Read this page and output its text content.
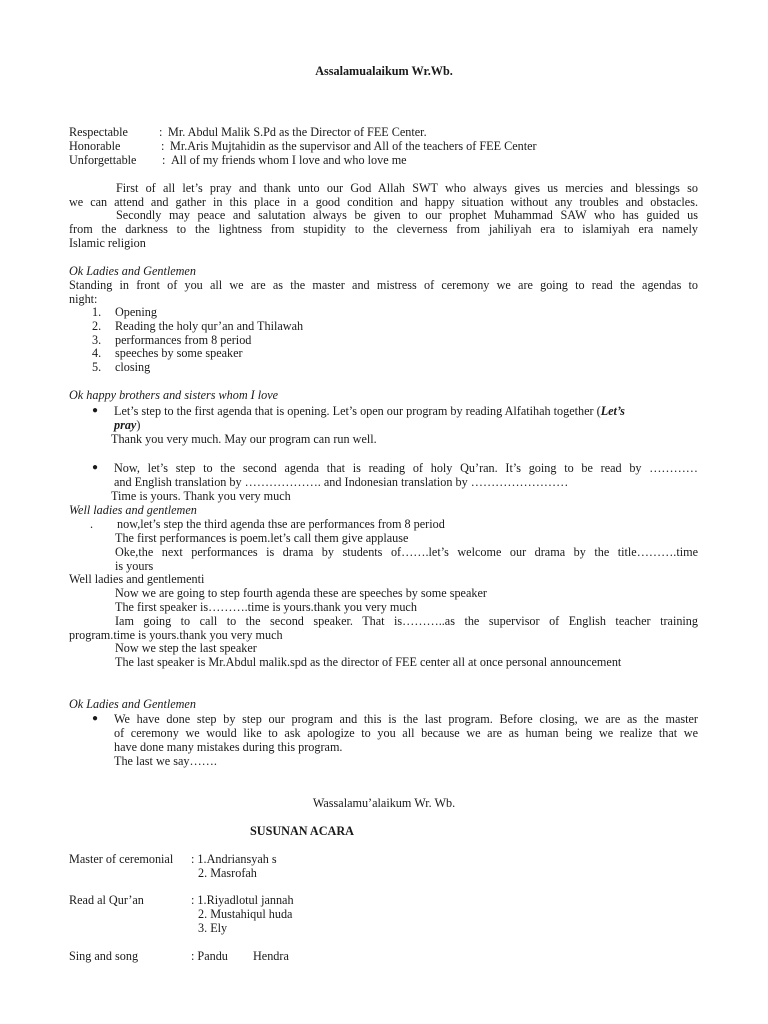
Assalamualaikum Wr.Wb.
Respectable	: Mr. Abdul Malik S.Pd as the Director of FEE Center.
Honorable	: Mr.Aris Mujtahidin as the supervisor and All of the teachers of FEE Center
Unforgettable : All of my friends whom I love and who love me
First of all let’s pray and thank unto our God Allah SWT who always gives us mercies and blessings so
we can attend and gather in this place in a good condition and happy situation without any troubles and obstacles.
Secondly may peace and salutation always be given to our prophet Muhammad SAW who has guided us
from the darkness to the lightness from stupidity to the cleverness from jahiliyah era to islamiyah era namely
Islamic religion
Ok Ladies and Gentlemen
Standing in front of you all we are as the master and mistress of ceremony we are going to read the agendas to
night:
1. Opening
2. Reading the holy qur’an and Thilawah
3. performances from 8 period
4. speeches by some speaker
5. closing
Ok happy brothers and sisters whom I love
● Let’s step to the first agenda that is opening. Let’s open our program by reading Alfatihah together (Let’s
pray)
Thank you very much. May our program can run well.
● Now, let’s step to the second agenda that is reading of holy Qu’ran. It’s going to be read by …………
and English translation by ………………. and Indonesian translation by ……………………
Time is yours. Thank you very much
Well ladies and gentlemen
. now,let’s step the third agenda thse are performances from 8 period
The first performances is poem.let’s call them give applause
Oke,the next performances is drama by students of…….let’s welcome our drama by the title……….time
is yours
Well ladies and gentlementi
Now we are going to step fourth agenda these are speeches by some speaker
The first speaker is……….time is yours.thank you very much
Iam going to call to the second speaker. That is………..as the supervisor of English teacher training
program.time is yours.thank you very much
Now we step the last speaker
The last speaker is Mr.Abdul malik.spd as the director of FEE center all at once personal announcement
Ok Ladies and Gentlemen
● We have done step by step our program and this is the last program. Before closing, we are as the master
of ceremony we would like to ask apologize to you all because we are as human being we realize that we
have done many mistakes during this program.
The last we say…….
Wassalamu’alaikum Wr. Wb.
SUSUNAN ACARA
Master of ceremonial : 1.Andriansyah s
2. Masrofah
Read al Qur’an	: 1.Riyadlotul jannah
2. Mustahiqul huda
3. Ely
Sing and song	: Pandu Hendra
